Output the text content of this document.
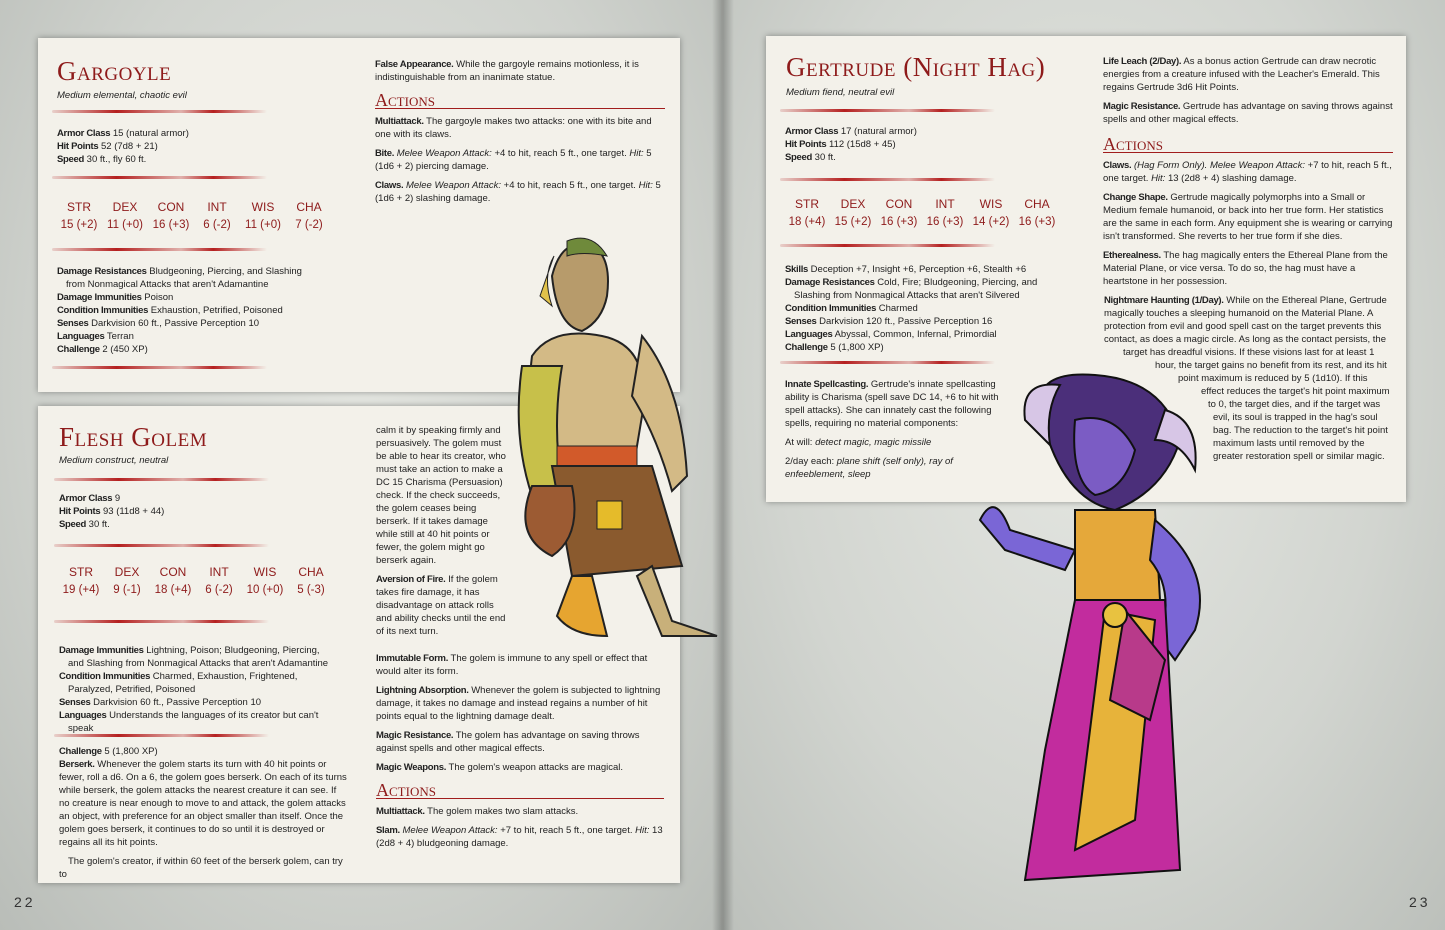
Gargoyle
Medium elemental, chaotic evil
Armor Class 15 (natural armor)
Hit Points 52 (7d8 + 21)
Speed 30 ft., fly 60 ft.
STR
15 (+2)
DEX
11 (+0)
CON
16 (+3)
INT
6 (-2)
WIS
11 (+0)
CHA
7 (-2)
Damage Resistances Bludgeoning, Piercing, and Slashing from Nonmagical Attacks that aren't Adamantine
Damage Immunities Poison
Condition Immunities Exhaustion, Petrified, Poisoned
Senses Darkvision 60 ft., Passive Perception 10
Languages Terran
Challenge 2 (450 XP)

False Appearance. While the gargoyle remains motionless, it is indistinguishable from an inanimate statue.

Actions

Multiattack. The gargoyle makes two attacks: one with its bite and one with its claws.

Bite. Melee Weapon Attack: +4 to hit, reach 5 ft., one target. Hit: 5 (1d6 + 2) piercing damage.

Claws. Melee Weapon Attack: +4 to hit, reach 5 ft., one target. Hit: 5 (1d6 + 2) slashing damage.

Flesh Golem
Medium construct, neutral
Armor Class 9
Hit Points 93 (11d8 + 44)
Speed 30 ft.
STR
19 (+4)
DEX
9 (-1)
CON
18 (+4)
INT
6 (-2)
WIS
10 (+0)
CHA
5 (-3)
Damage Immunities Lightning, Poison; Bludgeoning, Piercing, and Slashing from Nonmagical Attacks that aren't Adamantine
Condition Immunities Charmed, Exhaustion, Frightened, Paralyzed, Petrified, Poisoned
Senses Darkvision 60 ft., Passive Perception 10
Languages Understands the languages of its creator but can't speak
Challenge 5 (1,800 XP)

Berserk. Whenever the golem starts its turn with 40 hit points or fewer, roll a d6. On a 6, the golem goes berserk. On each of its turns while berserk, the golem attacks the nearest creature it can see. If no creature is near enough to move to and attack, the golem attacks an object, with preference for an object smaller than itself. Once the golem goes berserk, it continues to do so until it is destroyed or regains all its hit points.

The golem's creator, if within 60 feet of the berserk golem, can try to

calm it by speaking firmly and persuasively. The golem must be able to hear its creator, who must take an action to make a DC 15 Charisma (Persuasion) check. If the check succeeds, the golem ceases being berserk. If it takes damage while still at 40 hit points or fewer, the golem might go berserk again.

Aversion of Fire. If the golem takes fire damage, it has disadvantage on attack rolls and ability checks until the end of its next turn.

Immutable Form. The golem is immune to any spell or effect that would alter its form.

Lightning Absorption. Whenever the golem is subjected to lightning damage, it takes no damage and instead regains a number of hit points equal to the lightning damage dealt.

Magic Resistance. The golem has advantage on saving throws against spells and other magical effects.

Magic Weapons. The golem's weapon attacks are magical.

Actions

Multiattack. The golem makes two slam attacks.

Slam. Melee Weapon Attack: +7 to hit, reach 5 ft., one target. Hit: 13 (2d8 + 4) bludgeoning damage.

Gertrude (Night Hag)
Medium fiend, neutral evil
Armor Class 17 (natural armor)
Hit Points 112 (15d8 + 45)
Speed 30 ft.
STR
18 (+4)
DEX
15 (+2)
CON
16 (+3)
INT
16 (+3)
WIS
14 (+2)
CHA
16 (+3)
Skills Deception +7, Insight +6, Perception +6, Stealth +6
Damage Resistances Cold, Fire; Bludgeoning, Piercing, and Slashing from Nonmagical Attacks that aren't Silvered
Condition Immunities Charmed
Senses Darkvision 120 ft., Passive Perception 16
Languages Abyssal, Common, Infernal, Primordial
Challenge 5 (1,800 XP)

Innate Spellcasting. Gertrude's innate spellcasting ability is Charisma (spell save DC 14, +6 to hit with spell attacks). She can innately cast the following spells, requiring no material components:

At will: detect magic, magic missile

2/day each: plane shift (self only), ray of enfeeblement, sleep

Life Leach (2/Day). As a bonus action Gertrude can draw necrotic energies from a creature infused with the Leacher's Emerald. This regains Gertrude 3d6 Hit Points.

Magic Resistance. Gertrude has advantage on saving throws against spells and other magical effects.

Actions

Claws. (Hag Form Only). Melee Weapon Attack: +7 to hit, reach 5 ft., one target. Hit: 13 (2d8 + 4) slashing damage.

Change Shape. Gertrude magically polymorphs into a Small or Medium female humanoid, or back into her true form. Her statistics are the same in each form. Any equipment she is wearing or carrying isn't transformed. She reverts to her true form if she dies.

Etherealness. The hag magically enters the Ethereal Plane from the Material Plane, or vice versa. To do so, the hag must have a heartstone in her possession.

Nightmare Haunting (1/Day). While on the Ethereal Plane, Gertrude magically touches a sleeping humanoid on the Material Plane. A protection from evil and good spell cast on the target prevents this contact, as does a magic circle. As long as the contact persists, the target has dreadful visions. If these visions last for at least 1 hour, the target gains no benefit from its rest, and its hit point maximum is reduced by 5 (1d10). If this effect reduces the target's hit point maximum to 0, the target dies, and if the target was evil, its soul is trapped in the hag's soul bag. The reduction to the target's hit point maximum lasts until removed by the greater restoration spell or similar magic.

22	23
